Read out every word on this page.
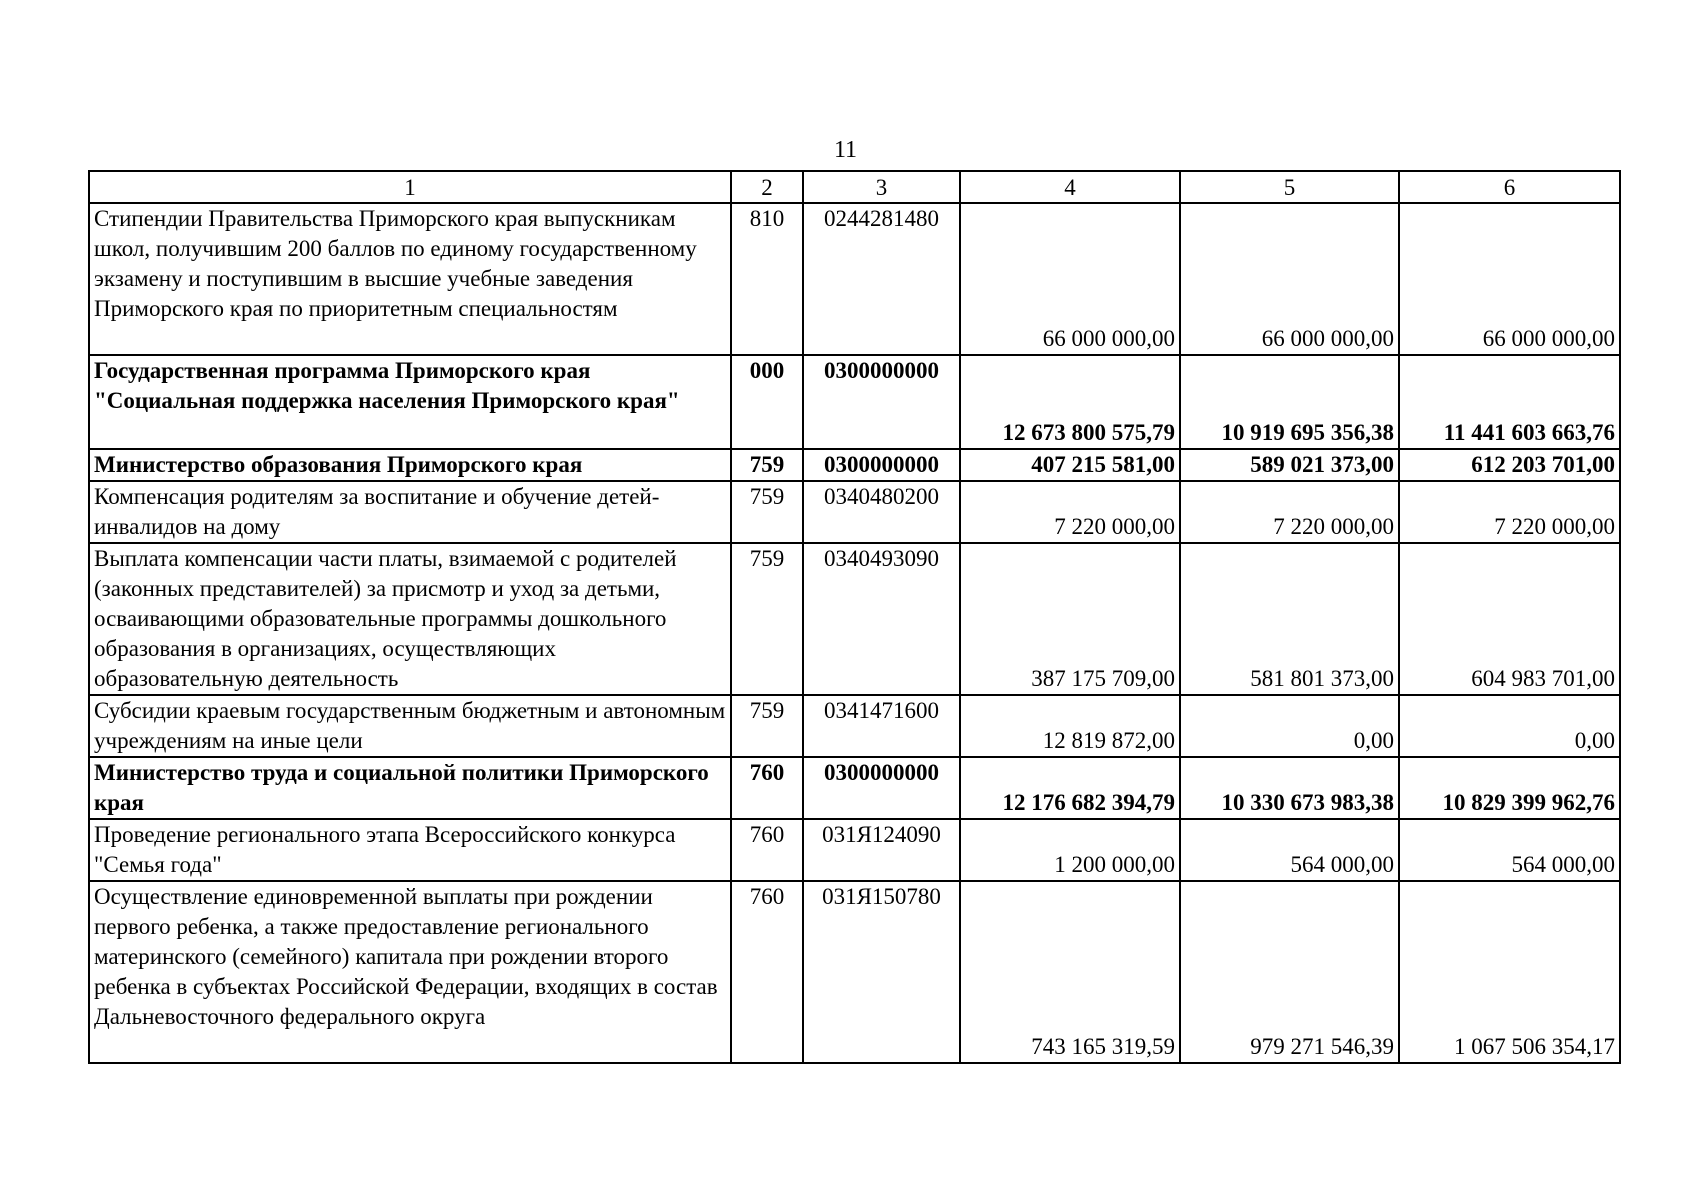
11
1	2	3	4	5	6
Стипендии Правительства Приморского края выпускникам школ, получившим 200 баллов по единому государственному экзамену и поступившим в высшие учебные заведения Приморского края по приоритетным специальностям	810	0244281480	66 000 000,00	66 000 000,00	66 000 000,00
Государственная программа Приморского края "Социальная поддержка населения Приморского края"	000	0300000000	12 673 800 575,79	10 919 695 356,38	11 441 603 663,76
Министерство образования Приморского края	759	0300000000	407 215 581,00	589 021 373,00	612 203 701,00
Компенсация родителям за воспитание и обучение детей-инвалидов на дому	759	0340480200	7 220 000,00	7 220 000,00	7 220 000,00
Выплата компенсации части платы, взимаемой с родителей (законных представителей) за присмотр и уход за детьми, осваивающими образовательные программы дошкольного образования в организациях, осуществляющих образовательную деятельность	759	0340493090	387 175 709,00	581 801 373,00	604 983 701,00
Субсидии краевым государственным бюджетным и автономным учреждениям на иные цели	759	0341471600	12 819 872,00	0,00	0,00
Министерство труда и социальной политики Приморского края	760	0300000000	12 176 682 394,79	10 330 673 983,38	10 829 399 962,76
Проведение регионального этапа Всероссийского конкурса "Семья года"	760	031Я124090	1 200 000,00	564 000,00	564 000,00
Осуществление единовременной выплаты при рождении первого ребенка, а также предоставление регионального материнского (семейного) капитала при рождении второго ребенка в субъектах Российской Федерации, входящих в состав Дальневосточного федерального округа	760	031Я150780	743 165 319,59	979 271 546,39	1 067 506 354,17
